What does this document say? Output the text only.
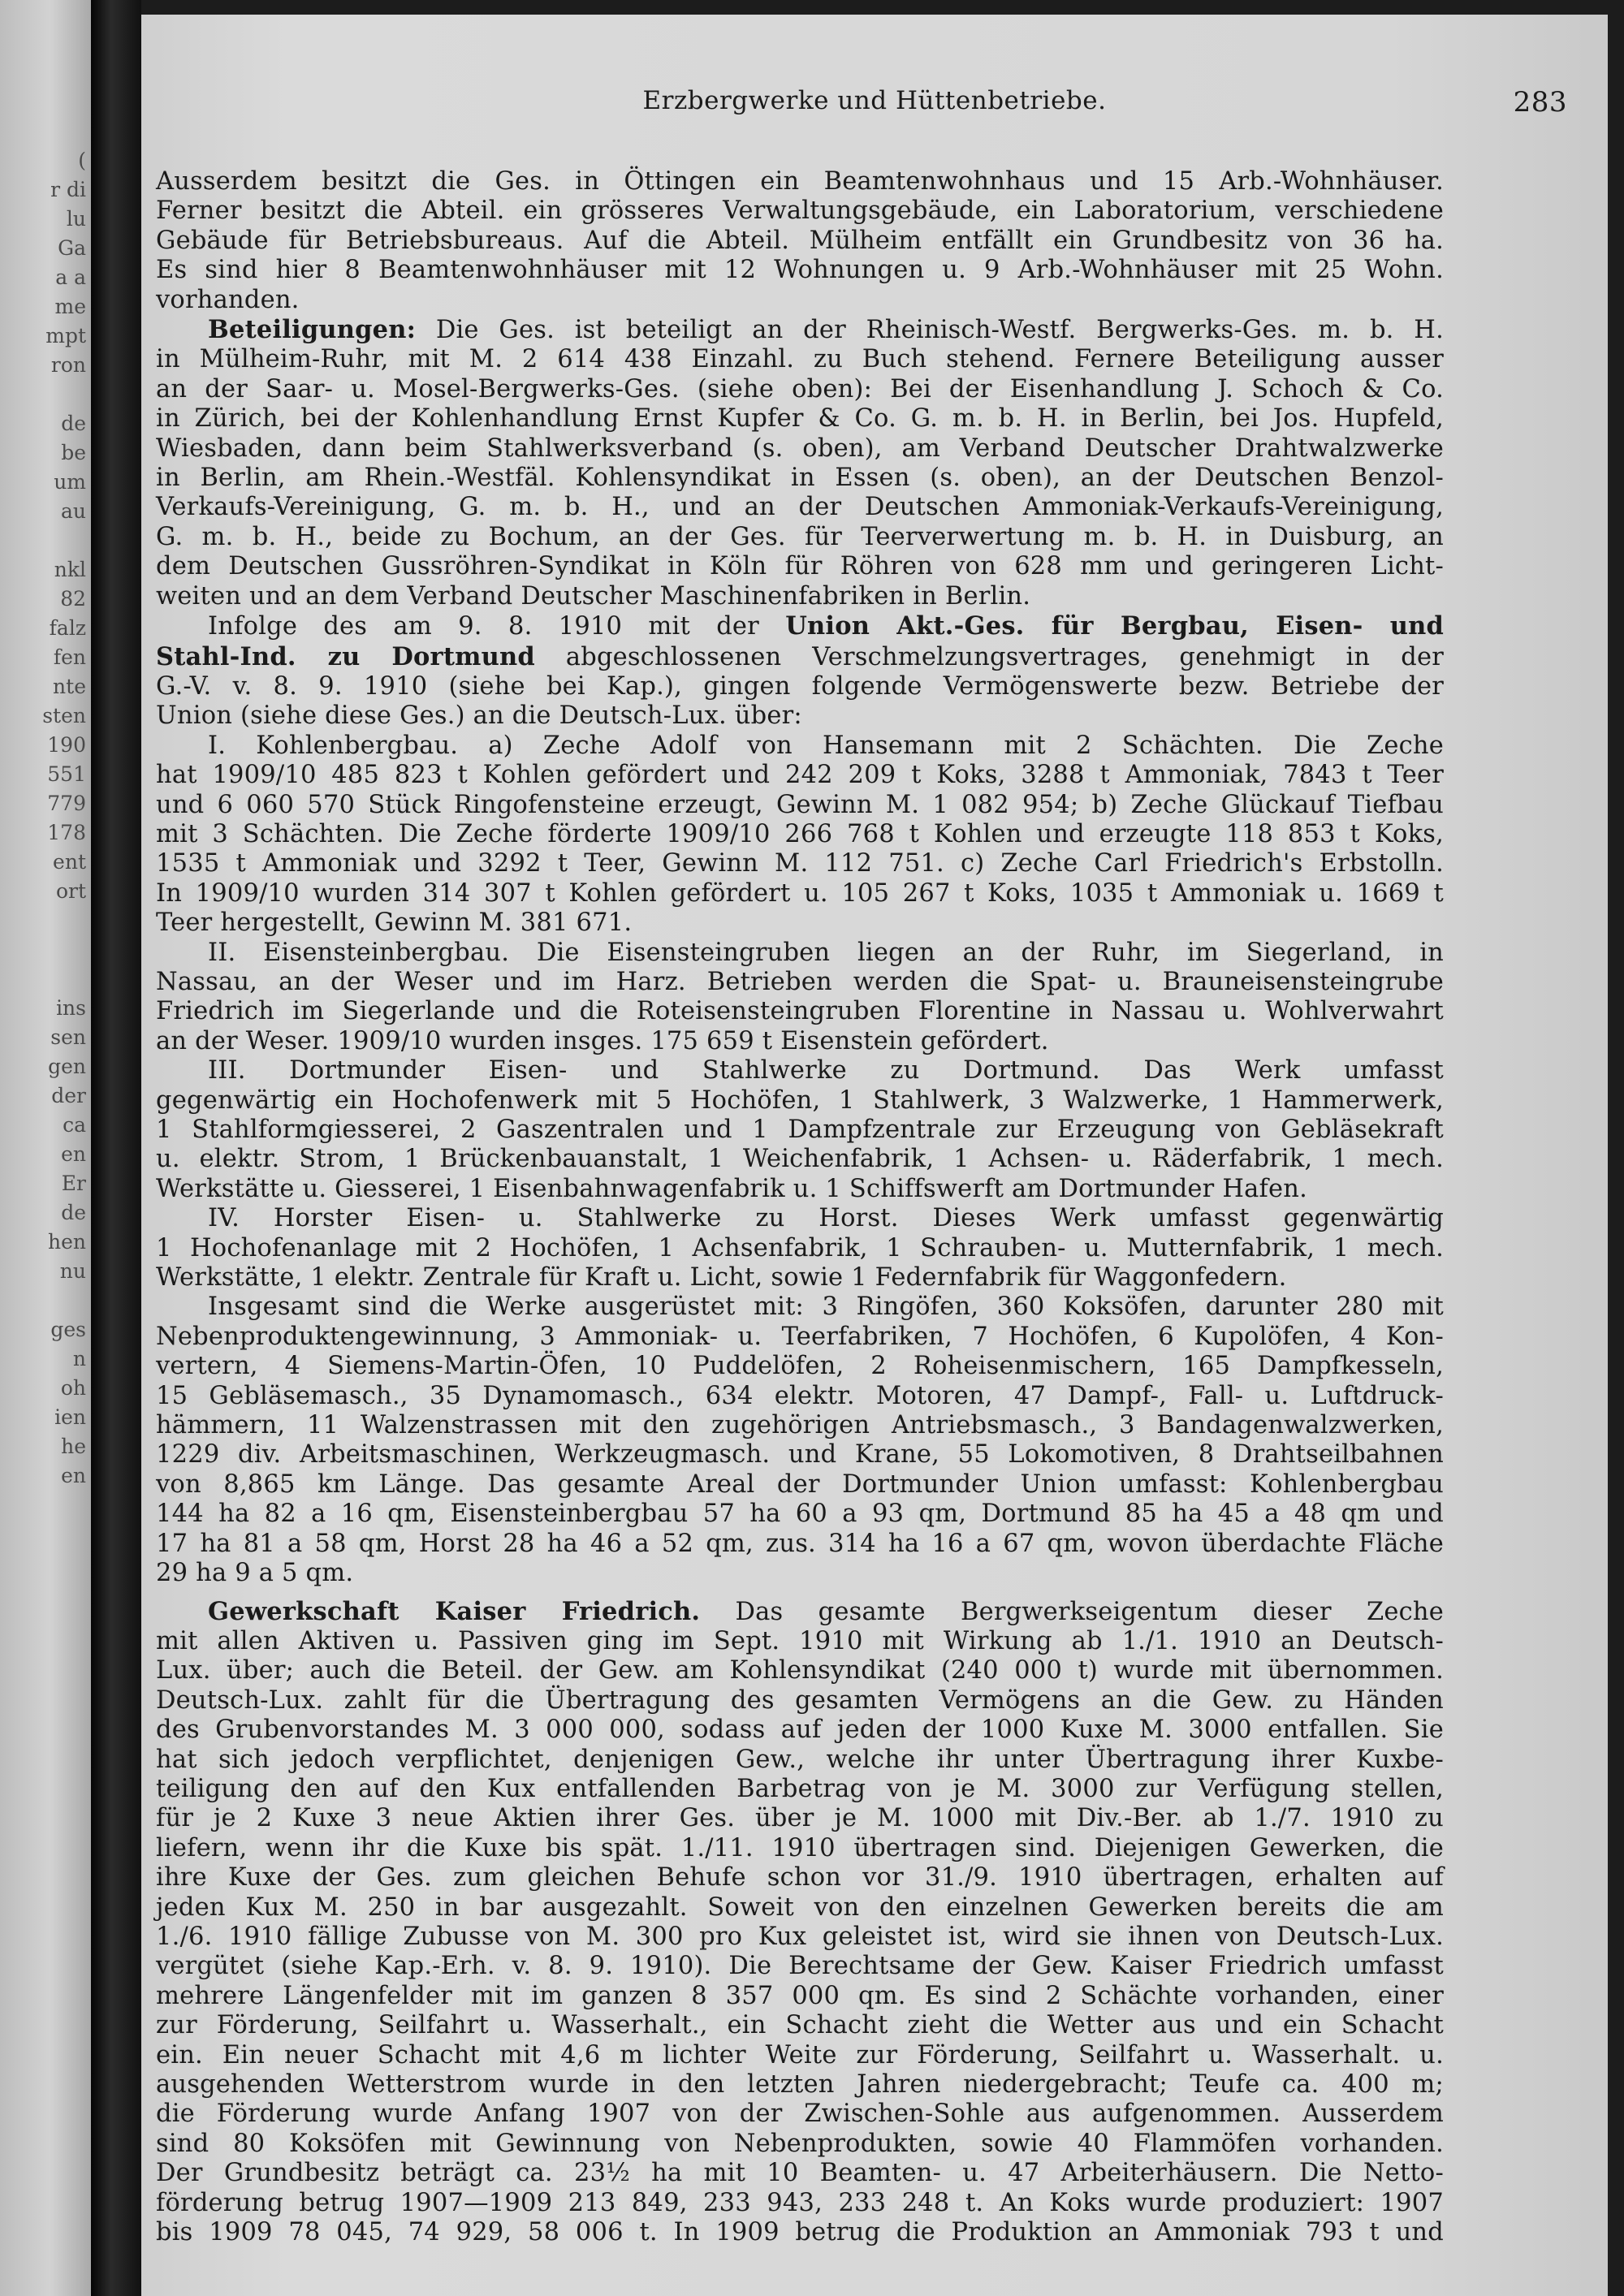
(
r di
lu
Ga
a a
me
mpt
ron
de
be
um
au
nkl
82
falz
fen
nte
sten
190
551
779
178
ent
ort
ins
sen
gen
der
ca
en
Er
de
hen
nu
ges
n
oh
ien
he
en
Erzbergwerke und Hüttenbetriebe.	283

Ausserdem besitzt die Ges. in Öttingen ein Beamtenwohnhaus und 15 Arb.-Wohnhäuser.

Ferner besitzt die Abteil. ein grösseres Verwaltungsgebäude, ein Laboratorium, verschiedene

Gebäude für Betriebsbureaus. Auf die Abteil. Mülheim entfällt ein Grundbesitz von 36 ha.

Es sind hier 8 Beamtenwohnhäuser mit 12 Wohnungen u. 9 Arb.-Wohnhäuser mit 25 Wohn.

vorhanden.

Beteiligungen: Die Ges. ist beteiligt an der Rheinisch-Westf. Bergwerks-Ges. m. b. H.

in Mülheim-Ruhr, mit M. 2 614 438 Einzahl. zu Buch stehend. Fernere Beteiligung ausser

an der Saar- u. Mosel-Bergwerks-Ges. (siehe oben): Bei der Eisenhandlung J. Schoch & Co.

in Zürich, bei der Kohlenhandlung Ernst Kupfer & Co. G. m. b. H. in Berlin, bei Jos. Hupfeld,

Wiesbaden, dann beim Stahlwerksverband (s. oben), am Verband Deutscher Drahtwalzwerke

in Berlin, am Rhein.-Westfäl. Kohlensyndikat in Essen (s. oben), an der Deutschen Benzol-

Verkaufs-Vereinigung, G. m. b. H., und an der Deutschen Ammoniak-Verkaufs-Vereinigung,

G. m. b. H., beide zu Bochum, an der Ges. für Teerverwertung m. b. H. in Duisburg, an

dem Deutschen Gussröhren-Syndikat in Köln für Röhren von 628 mm und geringeren Licht-

weiten und an dem Verband Deutscher Maschinenfabriken in Berlin.

Infolge des am 9. 8. 1910 mit der Union Akt.-Ges. für Bergbau, Eisen- und

Stahl-Ind. zu Dortmund abgeschlossenen Verschmelzungsvertrages, genehmigt in der

G.-V. v. 8. 9. 1910 (siehe bei Kap.), gingen folgende Vermögenswerte bezw. Betriebe der

Union (siehe diese Ges.) an die Deutsch-Lux. über:

I. Kohlenbergbau. a) Zeche Adolf von Hansemann mit 2 Schächten. Die Zeche

hat 1909/10 485 823 t Kohlen gefördert und 242 209 t Koks, 3288 t Ammoniak, 7843 t Teer

und 6 060 570 Stück Ringofensteine erzeugt, Gewinn M. 1 082 954; b) Zeche Glückauf Tiefbau

mit 3 Schächten. Die Zeche förderte 1909/10 266 768 t Kohlen und erzeugte 118 853 t Koks,

1535 t Ammoniak und 3292 t Teer, Gewinn M. 112 751. c) Zeche Carl Friedrich's Erbstolln.

In 1909/10 wurden 314 307 t Kohlen gefördert u. 105 267 t Koks, 1035 t Ammoniak u. 1669 t

Teer hergestellt, Gewinn M. 381 671.

II. Eisensteinbergbau. Die Eisensteingruben liegen an der Ruhr, im Siegerland, in

Nassau, an der Weser und im Harz. Betrieben werden die Spat- u. Brauneisensteingrube

Friedrich im Siegerlande und die Roteisensteingruben Florentine in Nassau u. Wohlverwahrt

an der Weser. 1909/10 wurden insges. 175 659 t Eisenstein gefördert.

III. Dortmunder Eisen- und Stahlwerke zu Dortmund. Das Werk umfasst

gegenwärtig ein Hochofenwerk mit 5 Hochöfen, 1 Stahlwerk, 3 Walzwerke, 1 Hammerwerk,

1 Stahlformgiesserei, 2 Gaszentralen und 1 Dampfzentrale zur Erzeugung von Gebläsekraft

u. elektr. Strom, 1 Brückenbauanstalt, 1 Weichenfabrik, 1 Achsen- u. Räderfabrik, 1 mech.

Werkstätte u. Giesserei, 1 Eisenbahnwagenfabrik u. 1 Schiffswerft am Dortmunder Hafen.

IV. Horster Eisen- u. Stahlwerke zu Horst. Dieses Werk umfasst gegenwärtig

1 Hochofenanlage mit 2 Hochöfen, 1 Achsenfabrik, 1 Schrauben- u. Mutternfabrik, 1 mech.

Werkstätte, 1 elektr. Zentrale für Kraft u. Licht, sowie 1 Federnfabrik für Waggonfedern.

Insgesamt sind die Werke ausgerüstet mit: 3 Ringöfen, 360 Koksöfen, darunter 280 mit

Nebenproduktengewinnung, 3 Ammoniak- u. Teerfabriken, 7 Hochöfen, 6 Kupolöfen, 4 Kon-

vertern, 4 Siemens-Martin-Öfen, 10 Puddelöfen, 2 Roheisenmischern, 165 Dampfkesseln,

15 Gebläsemasch., 35 Dynamomasch., 634 elektr. Motoren, 47 Dampf-, Fall- u. Luftdruck-

hämmern, 11 Walzenstrassen mit den zugehörigen Antriebsmasch., 3 Bandagenwalzwerken,

1229 div. Arbeitsmaschinen, Werkzeugmasch. und Krane, 55 Lokomotiven, 8 Drahtseilbahnen

von 8,865 km Länge. Das gesamte Areal der Dortmunder Union umfasst: Kohlenbergbau

144 ha 82 a 16 qm, Eisensteinbergbau 57 ha 60 a 93 qm, Dortmund 85 ha 45 a 48 qm und

17 ha 81 a 58 qm, Horst 28 ha 46 a 52 qm, zus. 314 ha 16 a 67 qm, wovon überdachte Fläche

29 ha 9 a 5 qm.

Gewerkschaft Kaiser Friedrich. Das gesamte Bergwerkseigentum dieser Zeche

mit allen Aktiven u. Passiven ging im Sept. 1910 mit Wirkung ab 1./1. 1910 an Deutsch-

Lux. über; auch die Beteil. der Gew. am Kohlensyndikat (240 000 t) wurde mit übernommen.

Deutsch-Lux. zahlt für die Übertragung des gesamten Vermögens an die Gew. zu Händen

des Grubenvorstandes M. 3 000 000, sodass auf jeden der 1000 Kuxe M. 3000 entfallen. Sie

hat sich jedoch verpflichtet, denjenigen Gew., welche ihr unter Übertragung ihrer Kuxbe-

teiligung den auf den Kux entfallenden Barbetrag von je M. 3000 zur Verfügung stellen,

für je 2 Kuxe 3 neue Aktien ihrer Ges. über je M. 1000 mit Div.-Ber. ab 1./7. 1910 zu

liefern, wenn ihr die Kuxe bis spät. 1./11. 1910 übertragen sind. Diejenigen Gewerken, die

ihre Kuxe der Ges. zum gleichen Behufe schon vor 31./9. 1910 übertragen, erhalten auf

jeden Kux M. 250 in bar ausgezahlt. Soweit von den einzelnen Gewerken bereits die am

1./6. 1910 fällige Zubusse von M. 300 pro Kux geleistet ist, wird sie ihnen von Deutsch-Lux.

vergütet (siehe Kap.-Erh. v. 8. 9. 1910). Die Berechtsame der Gew. Kaiser Friedrich umfasst

mehrere Längenfelder mit im ganzen 8 357 000 qm. Es sind 2 Schächte vorhanden, einer

zur Förderung, Seilfahrt u. Wasserhalt., ein Schacht zieht die Wetter aus und ein Schacht

ein. Ein neuer Schacht mit 4,6 m lichter Weite zur Förderung, Seilfahrt u. Wasserhalt. u.

ausgehenden Wetterstrom wurde in den letzten Jahren niedergebracht; Teufe ca. 400 m;

die Förderung wurde Anfang 1907 von der Zwischen-Sohle aus aufgenommen. Ausserdem

sind 80 Koksöfen mit Gewinnung von Nebenprodukten, sowie 40 Flammöfen vorhanden.

Der Grundbesitz beträgt ca. 23½ ha mit 10 Beamten- u. 47 Arbeiterhäusern. Die Netto-

förderung betrug 1907—1909 213 849, 233 943, 233 248 t. An Koks wurde produziert: 1907

bis 1909 78 045, 74 929, 58 006 t. In 1909 betrug die Produktion an Ammoniak 793 t und
